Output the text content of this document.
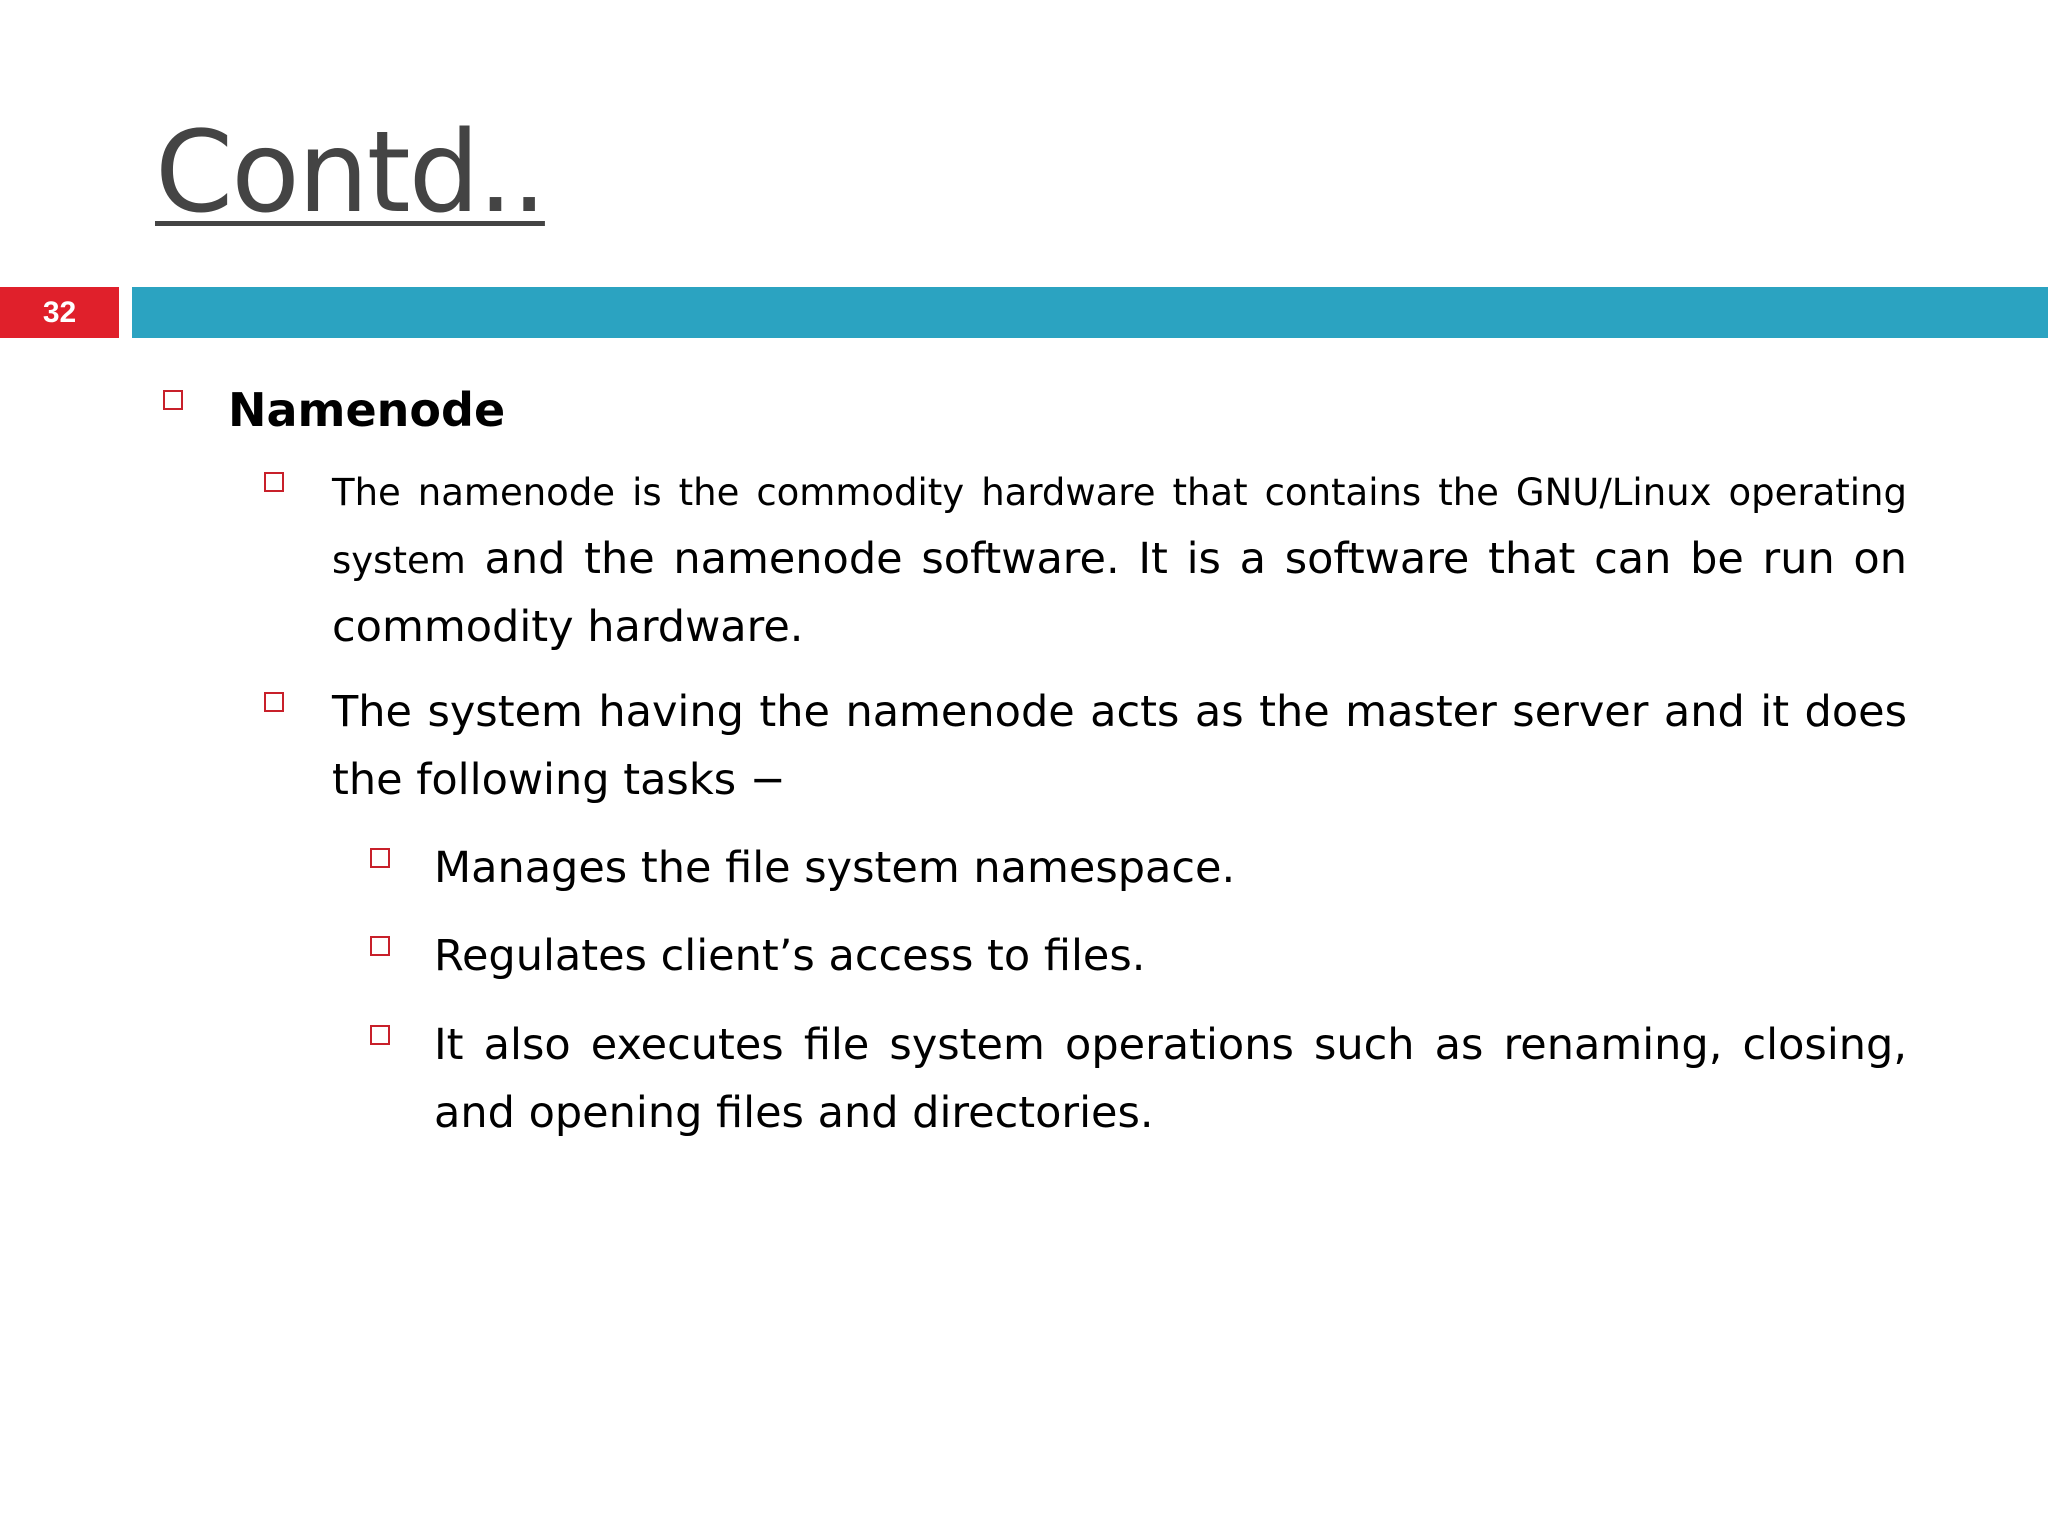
Contd..
32
Namenode
The namenode is the commodity hardware that contains the GNU/Linux operating system and the namenode software. It is a software that can be run on commodity hardware.
The system having the namenode acts as the master server and it does the following tasks −
Manages the file system namespace.
Regulates client’s access to files.
It also executes file system operations such as renaming, closing, and opening files and directories.
